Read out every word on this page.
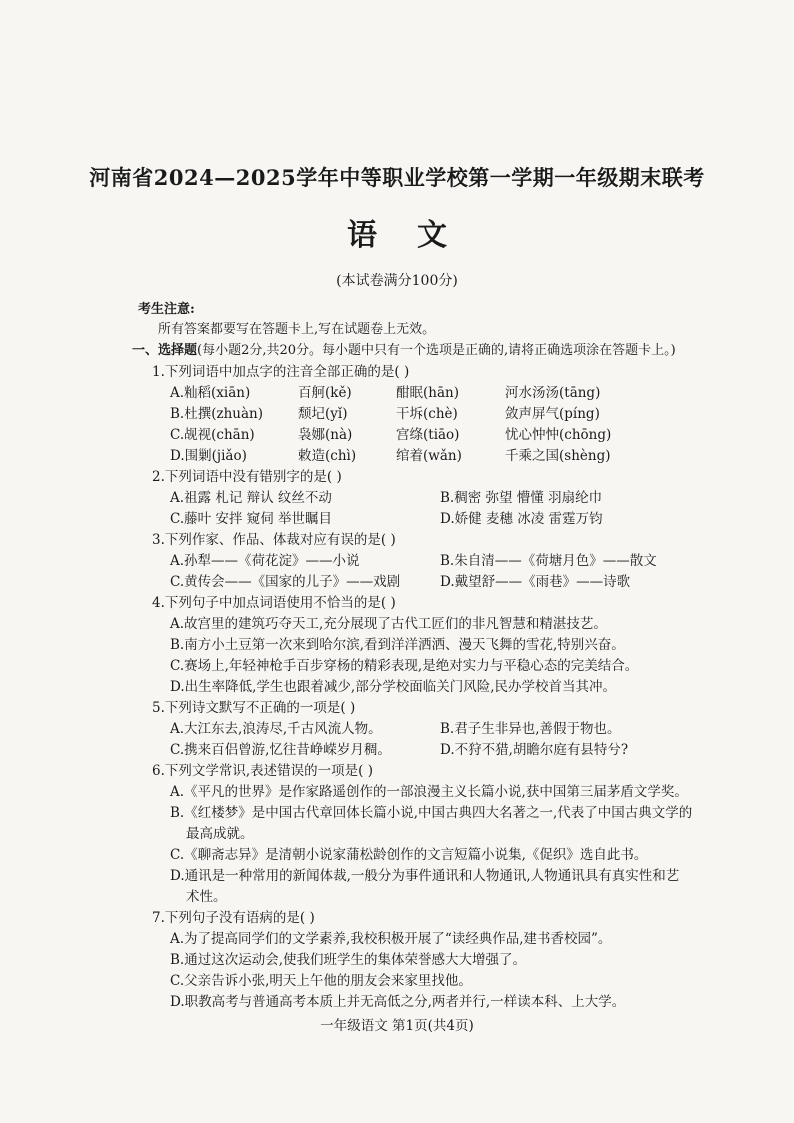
河南省2024—2025学年中等职业学校第一学期一年级期末联考
语文
(本试卷满分100分)
考生注意:
所有答案都要写在答题卡上,写在试题卷上无效。
一、选择题(每小题2分,共20分。每小题中只有一个选项是正确的,请将正确选项涂在答题卡上。)
1.下列词语中加点字的注音全部正确的是( )
A.籼稻(xiān)	百舸(kě)	酣眠(hān)	河水汤汤(tāng)
B.杜撰(zhuàn)	颓圮(yǐ)	干坼(chè)	敛声屏气(píng)
C.觇视(chān)	袅娜(nà)	宫绦(tiāo)	忧心忡忡(chōng)
D.围剿(jiǎo)	敕造(chì)	绾着(wǎn)	千乘之国(shèng)
2.下列词语中没有错别字的是( )
A.祖露 札记 辩认 纹丝不动	B.稠密 弥望 懵懂 羽扇纶巾
C.藤叶 安拌 窥伺 举世瞩目	D.娇健 麦穗 冰凌 雷霆万钧
3.下列作家、作品、体裁对应有误的是( )
A.孙犁——《荷花淀》——小说	B.朱自清——《荷塘月色》——散文
C.黄传会——《国家的儿子》——戏剧	D.戴望舒——《雨巷》——诗歌
4.下列句子中加点词语使用不恰当的是( )
A.故宫里的建筑巧夺天工,充分展现了古代工匠们的非凡智慧和精湛技艺。
B.南方小土豆第一次来到哈尔滨,看到洋洋洒洒、漫天飞舞的雪花,特别兴奋。
C.赛场上,年轻神枪手百步穿杨的精彩表现,是绝对实力与平稳心态的完美结合。
D.出生率降低,学生也跟着减少,部分学校面临关门风险,民办学校首当其冲。
5.下列诗文默写不正确的一项是( )
A.大江东去,浪涛尽,千古风流人物。	B.君子生非异也,善假于物也。
C.携来百侣曾游,忆往昔峥嵘岁月稠。	D.不狩不猎,胡瞻尔庭有县特兮?
6.下列文学常识,表述错误的一项是( )
A.《平凡的世界》是作家路遥创作的一部浪漫主义长篇小说,获中国第三届茅盾文学奖。
B.《红楼梦》是中国古代章回体长篇小说,中国古典四大名著之一,代表了中国古典文学的
最高成就。
C.《聊斋志异》是清朝小说家蒲松龄创作的文言短篇小说集,《促织》选自此书。
D.通讯是一种常用的新闻体裁,一般分为事件通讯和人物通讯,人物通讯具有真实性和艺
术性。
7.下列句子没有语病的是( )
A.为了提高同学们的文学素养,我校积极开展了“读经典作品,建书香校园”。
B.通过这次运动会,使我们班学生的集体荣誉感大大增强了。
C.父亲告诉小张,明天上午他的朋友会来家里找他。
D.职教高考与普通高考本质上并无高低之分,两者并行,一样读本科、上大学。
一年级语文 第1页(共4页)
